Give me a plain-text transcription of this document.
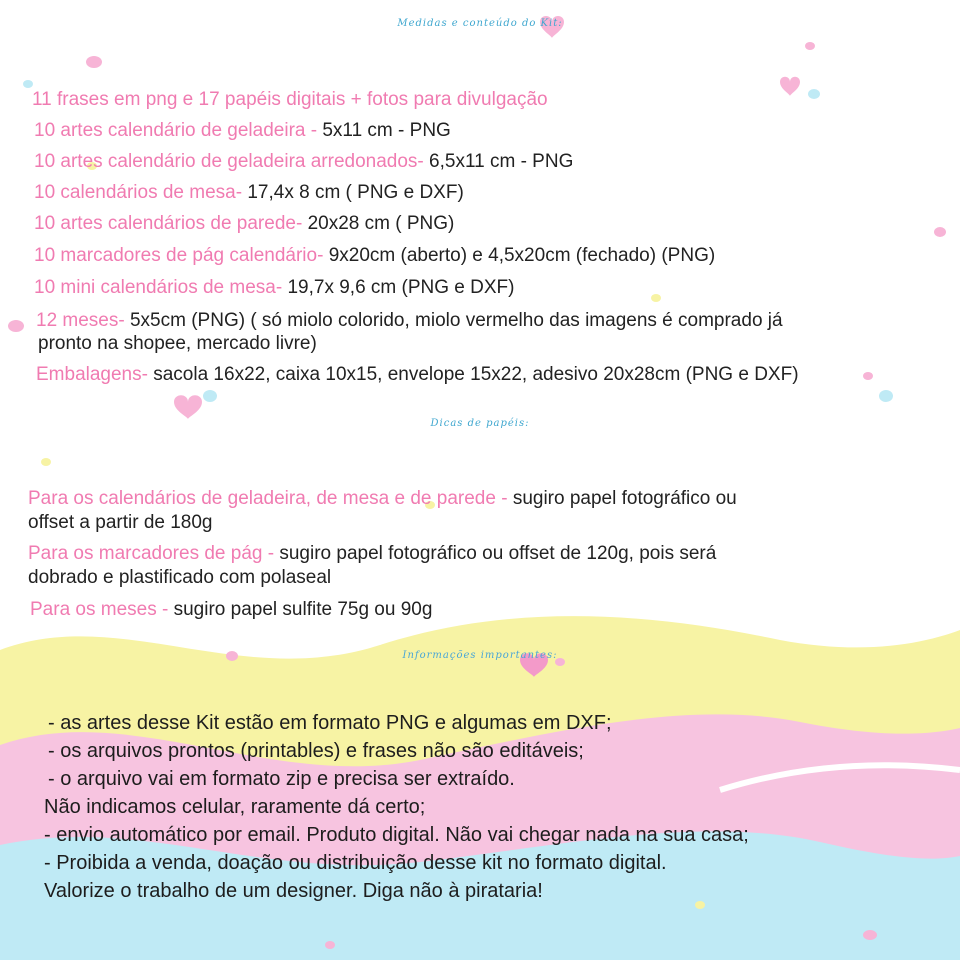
Medidas e conteúdo do Kit:
11 frases em png e 17 papéis digitais + fotos para divulgação
10 artes calendário de geladeira - 5x11 cm - PNG
10 artes calendário de geladeira arredonados- 6,5x11 cm - PNG
10 calendários de mesa- 17,4x 8 cm ( PNG e DXF)
10 artes calendários de parede- 20x28 cm ( PNG)
10 marcadores de pág calendário- 9x20cm (aberto) e 4,5x20cm (fechado) (PNG)
10 mini calendários de mesa- 19,7x 9,6 cm (PNG e DXF)
12 meses- 5x5cm (PNG) ( só miolo colorido, miolo vermelho das imagens é comprado já
pronto na shopee, mercado livre)
Embalagens- sacola 16x22, caixa 10x15, envelope 15x22, adesivo 20x28cm (PNG e DXF)
Dicas de papéis:
Para os calendários de geladeira, de mesa e de parede - sugiro papel fotográfico ou
offset a partir de 180g
Para os marcadores de pág - sugiro papel fotográfico ou offset de 120g, pois será
dobrado e plastificado com polaseal
Para os meses - sugiro papel sulfite 75g ou 90g
Informações importantes:
- as artes desse Kit estão em formato PNG e algumas em DXF;
- os arquivos prontos (printables) e frases não são editáveis;
- o arquivo vai em formato zip e precisa ser extraído.
Não indicamos celular, raramente dá certo;
- envio automático por email. Produto digital. Não vai chegar nada na sua casa;
- Proibida a venda, doação ou distribuição desse kit no formato digital.
Valorize o trabalho de um designer. Diga não à pirataria!
